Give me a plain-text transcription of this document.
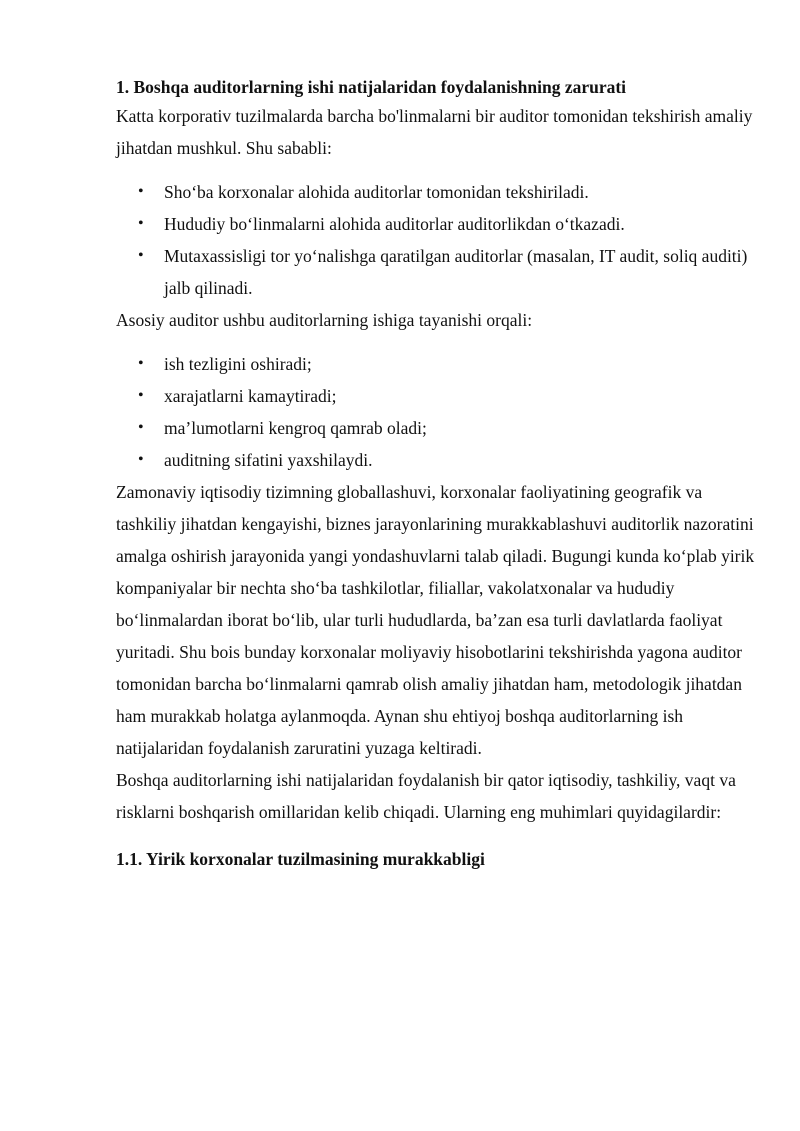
1. Boshqa auditorlarning ishi natijalaridan foydalanishning zarurati

Katta korporativ tuzilmalarda barcha bo'linmalarni bir auditor tomonidan tekshirish amaliy jihatdan mushkul. Shu sababli:

• Sho‘ba korxonalar alohida auditorlar tomonidan tekshiriladi.
• Hududiy bo‘linmalarni alohida auditorlar auditorlikdan o‘tkazadi.
• Mutaxassisligi tor yo‘nalishga qaratilgan auditorlar (masalan, IT audit, soliq auditi) jalb qilinadi.

Asosiy auditor ushbu auditorlarning ishiga tayanishi orqali:

• ish tezligini oshiradi;
• xarajatlarni kamaytiradi;
• ma’lumotlarni kengroq qamrab oladi;
• auditning sifatini yaxshilaydi.

Zamonaviy iqtisodiy tizimning globallashuvi, korxonalar faoliyatining geografik va tashkiliy jihatdan kengayishi, biznes jarayonlarining murakkablashuvi auditorlik nazoratini amalga oshirish jarayonida yangi yondashuvlarni talab qiladi. Bugungi kunda ko‘plab yirik kompaniyalar bir nechta sho‘ba tashkilotlar, filiallar, vakolatxonalar va hududiy bo‘linmalardan iborat bo‘lib, ular turli hududlarda, ba’zan esa turli davlatlarda faoliyat yuritadi. Shu bois bunday korxonalar moliyaviy hisobotlarini tekshirishda yagona auditor tomonidan barcha bo‘linmalarni qamrab olish amaliy jihatdan ham, metodologik jihatdan ham murakkab holatga aylanmoqda. Aynan shu ehtiyoj boshqa auditorlarning ish natijalaridan foydalanish zaruratini yuzaga keltiradi.

Boshqa auditorlarning ishi natijalaridan foydalanish bir qator iqtisodiy, tashkiliy, vaqt va risklarni boshqarish omillaridan kelib chiqadi. Ularning eng muhimlari quyidagilardir:

1.1. Yirik korxonalar tuzilmasining murakkabligi
